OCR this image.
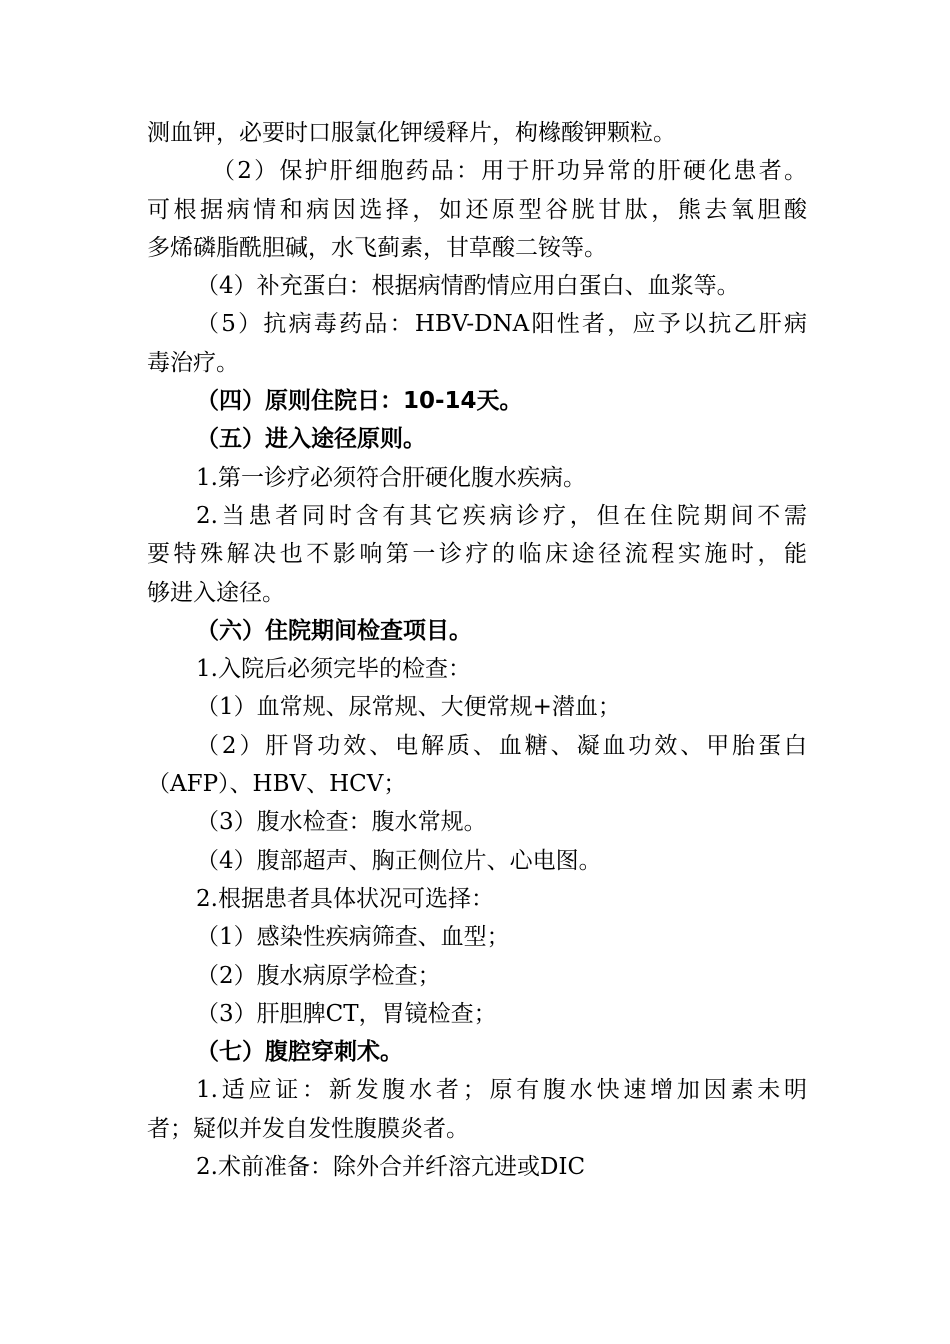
测血钾，必要时口服氯化钾缓释片，枸橼酸钾颗粒。
（2）保护肝细胞药品：用于肝功异常的肝硬化患者。
可根据病情和病因选择，如还原型谷胱甘肽，熊去氧胆酸
多烯磷脂酰胆碱，水飞蓟素，甘草酸二铵等。
（4）补充蛋白：根据病情酌情应用白蛋白、血浆等。
（5）抗病毒药品：HBV-DNA阳性者，应予以抗乙肝病
毒治疗。
（四）原则住院日：10-14天。
（五）进入途径原则。
1.第一诊疗必须符合肝硬化腹水疾病。
2.当患者同时含有其它疾病诊疗，但在住院期间不需
要特殊解决也不影响第一诊疗的临床途径流程实施时，能
够进入途径。
（六）住院期间检查项目。
1.入院后必须完毕的检查：
（1）血常规、尿常规、大便常规+潜血；
（2）肝肾功效、电解质、血糖、凝血功效、甲胎蛋白
（AFP）、HBV、HCV；
（3）腹水检查：腹水常规。
（4）腹部超声、胸正侧位片、心电图。
2.根据患者具体状况可选择：
（1）感染性疾病筛查、血型；
（2）腹水病原学检查；
（3）肝胆脾CT，胃镜检查；
（七）腹腔穿刺术。
1.适应证：新发腹水者；原有腹水快速增加因素未明
者；疑似并发自发性腹膜炎者。
2.术前准备：除外合并纤溶亢进或DIC
